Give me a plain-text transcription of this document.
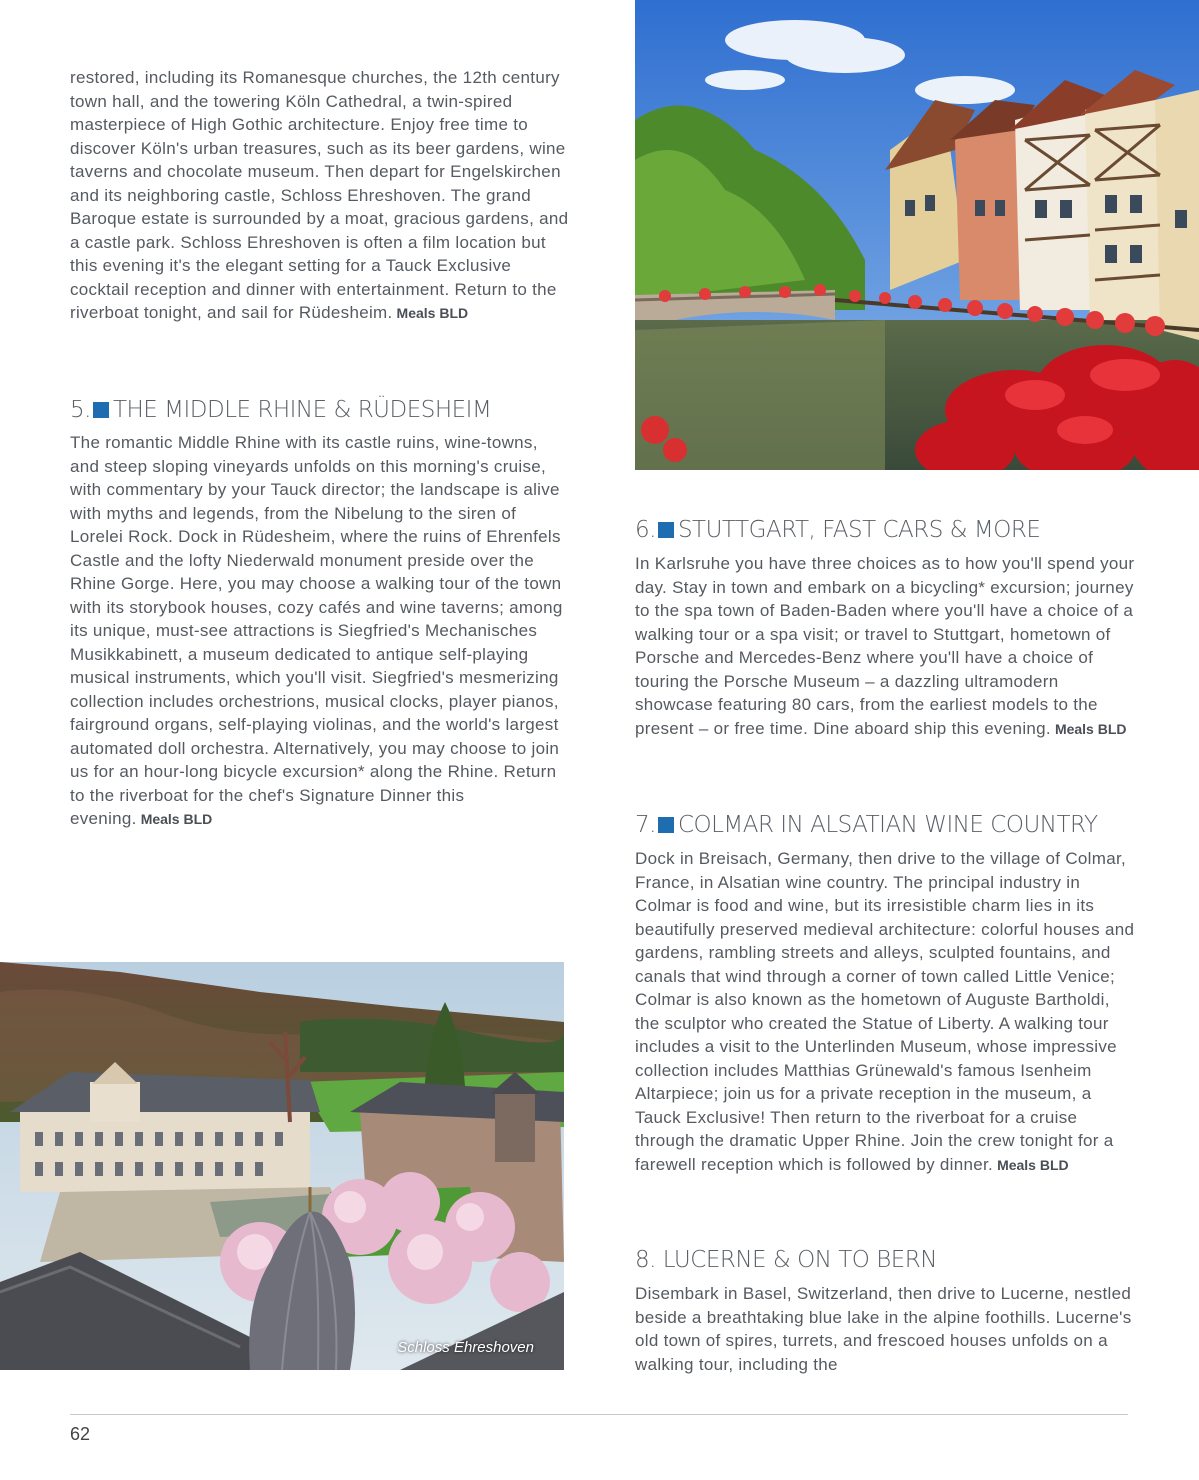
restored, including its Romanesque churches, the 12th century town hall, and the towering Köln Cathedral, a twin-spired masterpiece of High Gothic architecture. Enjoy free time to discover Köln's urban treasures, such as its beer gardens, wine taverns and chocolate museum. Then depart for Engelskirchen and its neighboring castle, Schloss Ehreshoven. The grand Baroque estate is surrounded by a moat, gracious gardens, and a castle park. Schloss Ehreshoven is often a film location but this evening it's the elegant setting for a Tauck Exclusive cocktail reception and dinner with entertainment. Return to the riverboat tonight, and sail for Rüdesheim. Meals BLD

5. THE MIDDLE RHINE & RÜDESHEIM

The romantic Middle Rhine with its castle ruins, wine-towns, and steep sloping vineyards unfolds on this morning's cruise, with commentary by your Tauck director; the landscape is alive with myths and legends, from the Nibelung to the siren of Lorelei Rock. Dock in Rüdesheim, where the ruins of Ehrenfels Castle and the lofty Niederwald monument preside over the Rhine Gorge. Here, you may choose a walking tour of the town with its storybook houses, cozy cafés and wine taverns; among its unique, must-see attractions is Siegfried's Mechanisches Musikkabinett, a museum dedicated to antique self-playing musical instruments, which you'll visit. Siegfried's mesmerizing collection includes orchestrions, musical clocks, player pianos, fairground organs, self-playing violinas, and the world's largest automated doll orchestra. Alternatively, you may choose to join us for an hour-long bicycle excursion* along the Rhine. Return to the riverboat for the chef's Signature Dinner this evening. Meals BLD

Schloss Ehreshoven
6. STUTTGART, FAST CARS & MORE

In Karlsruhe you have three choices as to how you'll spend your day. Stay in town and embark on a bicycling* excursion; journey to the spa town of Baden-Baden where you'll have a choice of a walking tour or a spa visit; or travel to Stuttgart, hometown of Porsche and Mercedes-Benz where you'll have a choice of touring the Porsche Museum – a dazzling ultramodern showcase featuring 80 cars, from the earliest models to the present – or free time. Dine aboard ship this evening. Meals BLD

7. COLMAR IN ALSATIAN WINE COUNTRY

Dock in Breisach, Germany, then drive to the village of Colmar, France, in Alsatian wine country. The principal industry in Colmar is food and wine, but its irresistible charm lies in its beautifully preserved medieval architecture: colorful houses and gardens, rambling streets and alleys, sculpted fountains, and canals that wind through a corner of town called Little Venice; Colmar is also known as the hometown of Auguste Bartholdi, the sculptor who created the Statue of Liberty. A walking tour includes a visit to the Unterlinden Museum, whose impressive collection includes Matthias Grünewald's famous Isenheim Altarpiece; join us for a private reception in the museum, a Tauck Exclusive! Then return to the riverboat for a cruise through the dramatic Upper Rhine. Join the crew tonight for a farewell reception which is followed by dinner. Meals BLD

8. LUCERNE & ON TO BERN

Disembark in Basel, Switzerland, then drive to Lucerne, nestled beside a breathtaking blue lake in the alpine foothills. Lucerne's old town of spires, turrets, and frescoed houses unfolds on a walking tour, including the

62
